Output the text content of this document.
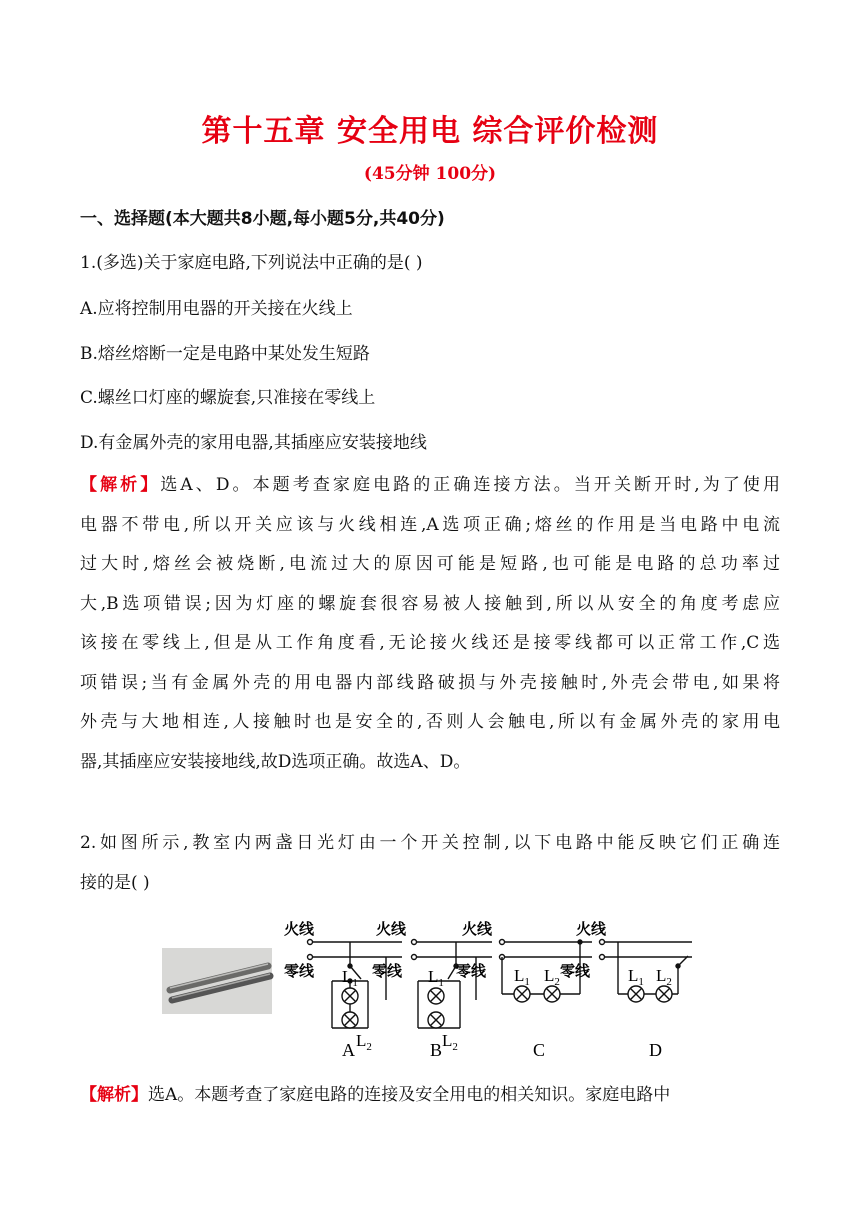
第十五章 安全用电 综合评价检测
(45分钟 100分)
一、选择题(本大题共8小题,每小题5分,共40分)
1.(多选)关于家庭电路,下列说法中正确的是( )
A.应将控制用电器的开关接在火线上
B.熔丝熔断一定是电路中某处发生短路
C.螺丝口灯座的螺旋套,只准接在零线上
D.有金属外壳的家用电器,其插座应安装接地线
【解析】选A、D。本题考查家庭电路的正确连接方法。当开关断开时,为了使用
电器不带电,所以开关应该与火线相连,A选项正确;熔丝的作用是当电路中电流
过大时,熔丝会被烧断,电流过大的原因可能是短路,也可能是电路的总功率过
大,B选项错误;因为灯座的螺旋套很容易被人接触到,所以从安全的角度考虑应
该接在零线上,但是从工作角度看,无论接火线还是接零线都可以正常工作,C选
项错误;当有金属外壳的用电器内部线路破损与外壳接触时,外壳会带电,如果将
外壳与大地相连,人接触时也是安全的,否则人会触电,所以有金属外壳的家用电
器,其插座应安装接地线,故D选项正确。故选A、D。
2.如图所示,教室内两盏日光灯由一个开关控制,以下电路中能反映它们正确连
接的是( )
火线
零线
火线
零线
火线
零线
火线
零线
$L_1$
$L_2$
$L_1$
$L_2$
$L_1$ $L_2$	$L_1$ $L_2$
A	B	C	D
【解析】选A。本题考查了家庭电路的连接及安全用电的相关知识。家庭电路中
